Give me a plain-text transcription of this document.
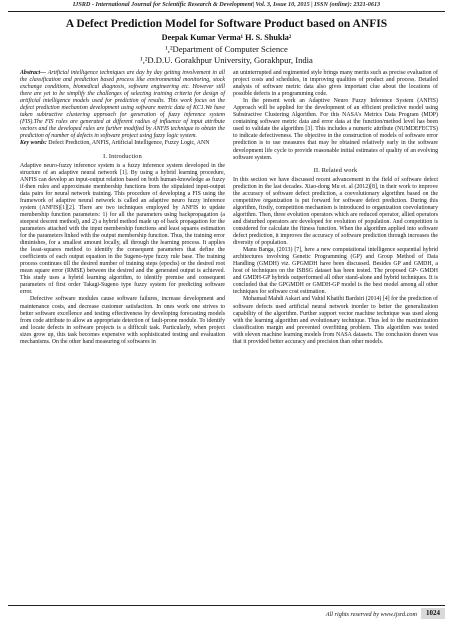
IJSRD - International Journal for Scientific Research & Development| Vol. 3, Issue 10, 2015 | ISSN (online): 2321-0613
A Defect Prediction Model for Software Product based on ANFIS
Deepak Kumar Verma¹ H. S. Shukla²
¹,²Department of Computer Science
¹,²D.D.U. Gorakhpur University, Gorakhpur, India

Abstract— Artificial intelligence techniques are day by day getting involvement in all the classification and prediction based process like environmental monitoring, stock exchange conditions, biomedical diagnosis, software engineering etc. However still there are yet to be simplify the challenges of selecting training criteria for design of artificial intelligence models used for prediction of results. This work focus on the defect prediction mechanism development using software metric data of KC1.We have taken subtractive clustering approach for generation of fuzzy inference system (FIS).The FIS rules are generated at different radius of influence of input attribute vectors and the developed rules are further modified by ANFIS technique to obtain the prediction of number of defects in software project using fuzzy logic system.

Key words: Defect Prediction, ANFIS, Artificial Intelligence, Fuzzy Logic, ANN

I. Introduction

Adaptive neuro-fuzzy inference system is a fuzzy inference system developed in the structure of an adaptive neural network [1]. By using a hybrid learning procedure, ANFIS can develop an input-output relation based on both human-knowledge as fuzzy if-then rules and approximate membership functions from the stipulated input-output data pairs for neural network training. This procedure of developing a FIS using the framework of adaptive neural network is called an adaptive neuro fuzzy inference system (ANFIS)[1][2]. There are two techniques employed by ANFIS to update membership function parameters: 1) for all the parameters using backpropagation (a steepest descent method), and 2) a hybrid method made up of back propagation for the parameters attached with the input membership functions and least squares estimation for the parameters linked with the output membership function. Thus, the training error diminishes, for a smallest amount locally, all through the learning process. It applies the least-squares method to identify the consequent parameters that define the coefficients of each output equation in the Sugeno-type fuzzy rule base. The training process continues till the desired number of training steps (epochs) or the desired root mean square error (RMSE) between the desired and the generated output is achieved. This study uses a hybrid learning algorithm, to identify premise and consequent parameters of first order Takagi-Sugeno type fuzzy system for predicting software error.

Defective software modules cause software failures, increase development and maintenance costs, and decrease customer satisfaction. In ones work one strives to better software excellence and testing effectiveness by developing forecasting models from code attribute to allow an appropriate detection of fault-prone module. To identify and locate defects in software projects is a difficult task. Particularly, when project sizes grow up, this task becomes expensive with sophisticated testing and evaluation mechanisms. On the other hand measuring of softwares in

an uninterrupted and regimented style brings many merits such as precise evaluation of project costs and schedules, in improving qualities of product and process. Detailed analysis of software metric data also gives important clue about the locations of possible defects in a programming code.

In the present work an Adaptive Neuro Fuzzy Inference System (ANFIS) Approach will be applied for the development of an efficient predictive model using Substractive Clustering Algorithm. For this NASA's Metrics Data Program (MDP) containing software metric data and error data at the function/method level has been used to validate the algorithm [3]. This includes a numeric attribute (NUMDEFECTS) to indicate defectiveness. The objective in the construction of models of software error prediction is to use measures that may be obtained relatively early in the software development life cycle to provide reasonable initial estimates of quality of an evolving software system.

II. Related work

In this section we have discussed recent advancement in the field of software defect prediction in the last decades. Xiao-dong Mu et. al (2012)[8], in their work to improve the accuracy of software defect prediction, a coevolutionary algorithm based on the competitive organization is put forward for software defect prediction. During this algorithm, firstly, competition mechanism is introduced to organization coevolutionary algorithm. Then, three evolution operators which are reduced operator, allied operators and disturbed operators are developed for evolution of population. And competition is considered for calculate the fitness function. When the algorithm applied into software defect prediction, it improves the accuracy of software prediction through increases the diversity of population.

Manu Banga, (2013) [7], here a new computational intelligence sequential hybrid architectures involving Genetic Programming (GP) and Group Method of Data Handling (GMDH) viz. GPGMDH have been discussed. Besides GP and GMDH, a host of techniques on the ISBSG dataset has been tested. The proposed GP- GMDH and GMDH-GP hybrids outperformed all other stand-alone and hybrid techniques. It is concluded that the GPGMDH or GMDH-GP model is the best model among all other techniques for software cost estimation.

Mohamad Mahdi Askari and Vahid Khatibi Bardsiri (2014) [4] for the prediction of software defects used artificial neural network inorder to better the generalization capability of the algorithm. Further support vector machine technique was used along with the learning algorithm and evolutionary technique. Thus led to the maximization classification margin and prevented overfitting problem. This algorithm was tested with eleven machine learning models from NASA datasets. The conclusion drawn was that it provided better accuracy and precision than other models.

All rights reserved by www.ijsrd.com	1024
